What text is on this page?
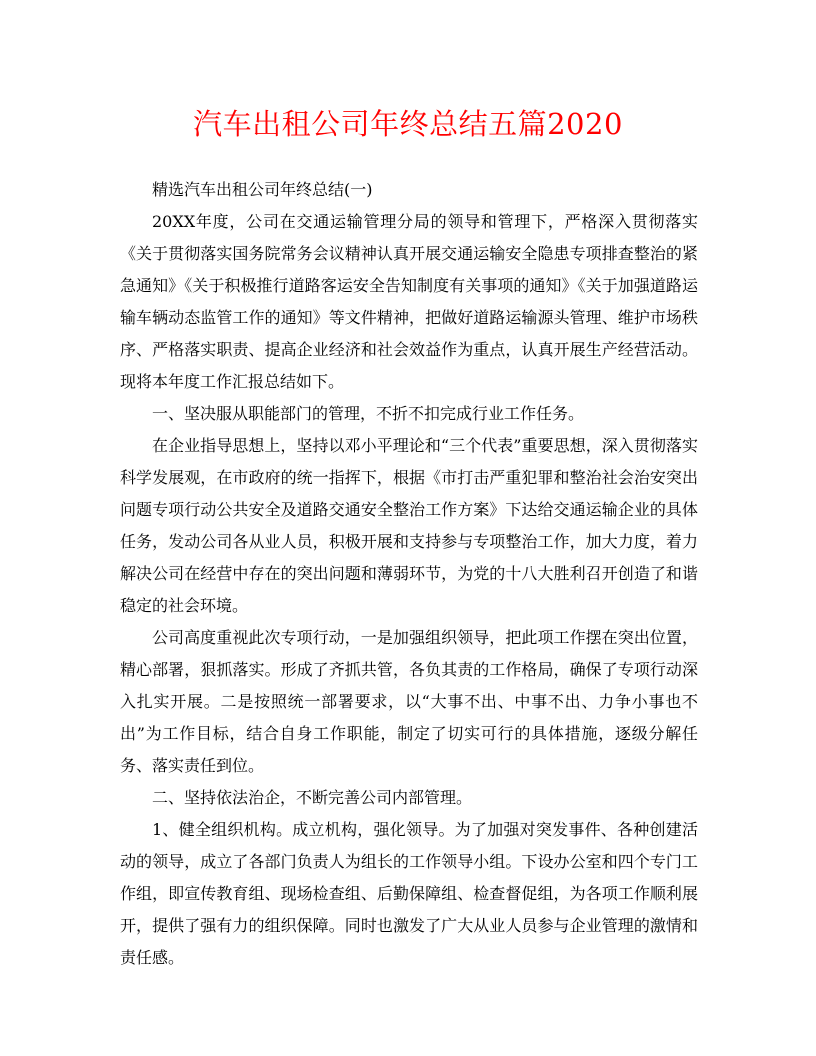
汽车出租公司年终总结五篇2020

精选汽车出租公司年终总结(一)

20XX年度，公司在交通运输管理分局的领导和管理下，严格深入贯彻落实《关于贯彻落实国务院常务会议精神认真开展交通运输安全隐患专项排查整治的紧急通知》《关于积极推行道路客运安全告知制度有关事项的通知》《关于加强道路运输车辆动态监管工作的通知》等文件精神，把做好道路运输源头管理、维护市场秩序、严格落实职责、提高企业经济和社会效益作为重点，认真开展生产经营活动。现将本年度工作汇报总结如下。

一、坚决服从职能部门的管理，不折不扣完成行业工作任务。

在企业指导思想上，坚持以邓小平理论和“三个代表”重要思想，深入贯彻落实科学发展观，在市政府的统一指挥下，根据《市打击严重犯罪和整治社会治安突出问题专项行动公共安全及道路交通安全整治工作方案》下达给交通运输企业的具体任务，发动公司各从业人员，积极开展和支持参与专项整治工作，加大力度，着力解决公司在经营中存在的突出问题和薄弱环节，为党的十八大胜利召开创造了和谐稳定的社会环境。

公司高度重视此次专项行动，一是加强组织领导，把此项工作摆在突出位置，精心部署，狠抓落实。形成了齐抓共管，各负其责的工作格局，确保了专项行动深入扎实开展。二是按照统一部署要求，以“大事不出、中事不出、力争小事也不出”为工作目标，结合自身工作职能，制定了切实可行的具体措施，逐级分解任务、落实责任到位。

二、坚持依法治企，不断完善公司内部管理。

1、健全组织机构。成立机构，强化领导。为了加强对突发事件、各种创建活动的领导，成立了各部门负责人为组长的工作领导小组。下设办公室和四个专门工作组，即宣传教育组、现场检查组、后勤保障组、检查督促组，为各项工作顺利展开，提供了强有力的组织保障。同时也激发了广大从业人员参与企业管理的激情和责任感。
